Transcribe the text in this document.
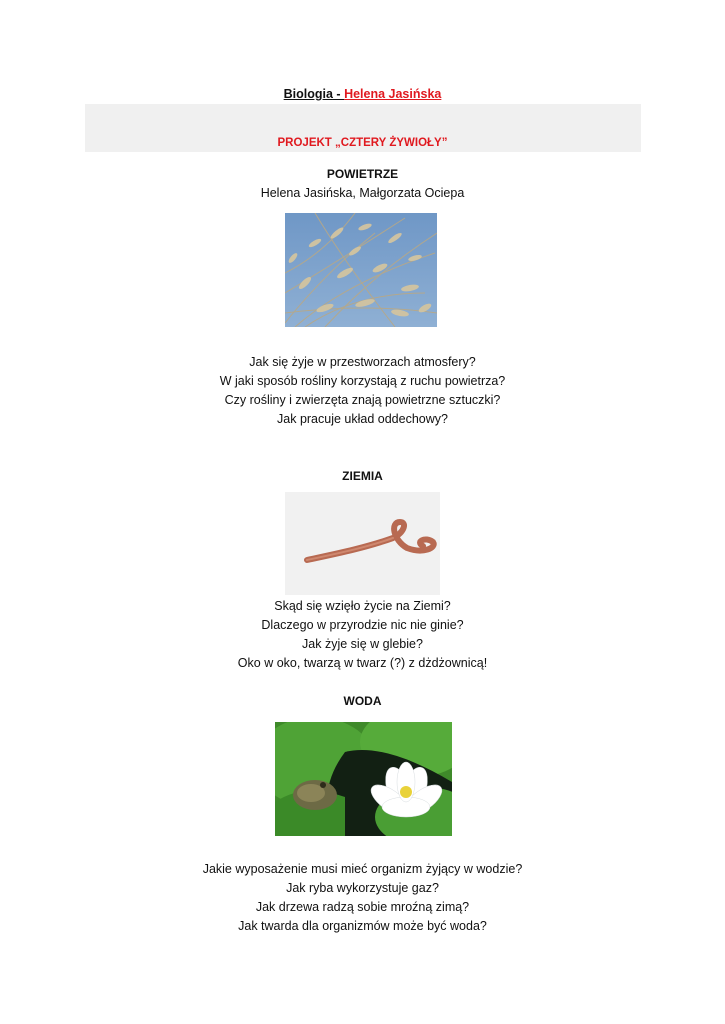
Biologia - Helena Jasińska
PROJEKT „CZTERY ŻYWIOŁY”
POWIETRZE
Helena Jasińska, Małgorzata Ociepa
Jak się żyje w przestworzach atmosfery?
W jaki sposób rośliny korzystają z ruchu powietrza?
Czy rośliny i zwierzęta znają powietrzne sztuczki?
Jak pracuje układ oddechowy?
ZIEMIA
Skąd się wzięło życie na Ziemi?
Dlaczego w przyrodzie nic nie ginie?
Jak żyje się w glebie?
Oko w oko, twarzą w twarz (?) z dżdżownicą!
WODA
Jakie wyposażenie musi mieć organizm żyjący w wodzie?
Jak ryba wykorzystuje gaz?
Jak drzewa radzą sobie mroźną zimą?
Jak twarda dla organizmów może być woda?
